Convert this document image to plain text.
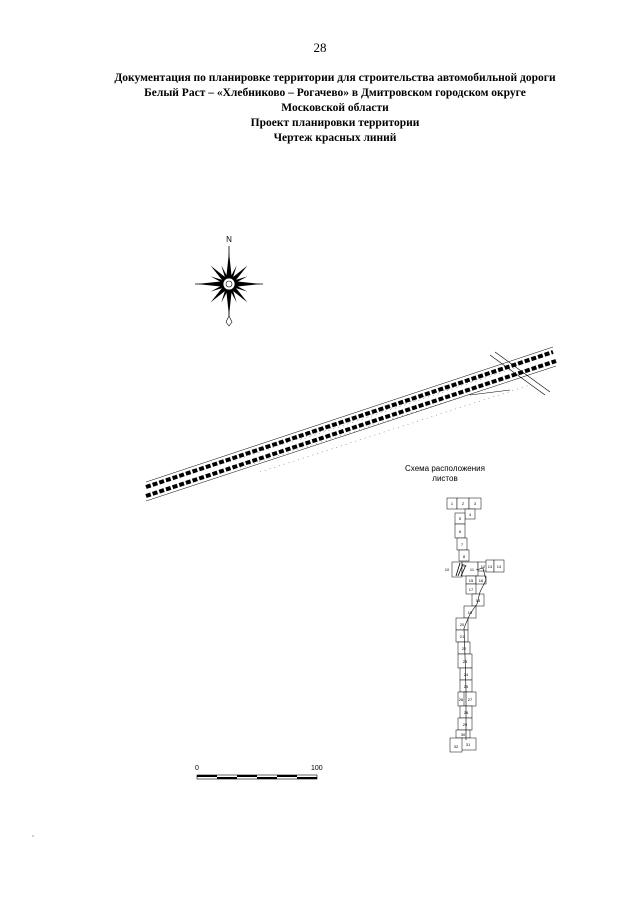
28
Документация по планировке территории для строительства автомобильной дороги
Белый Раст – «Хлебниково – Рогачево» в Дмитровском городском округе
Московской области
Проект планировки территории
Чертеж красных линий
N
1 2 3
4
5
6
7
8
9
10	11
12 13 14
15 16
17
18
19
20
21
22
23
24
25
26 27
28
29
30
31
32
Схема расположения
листов
0	100
